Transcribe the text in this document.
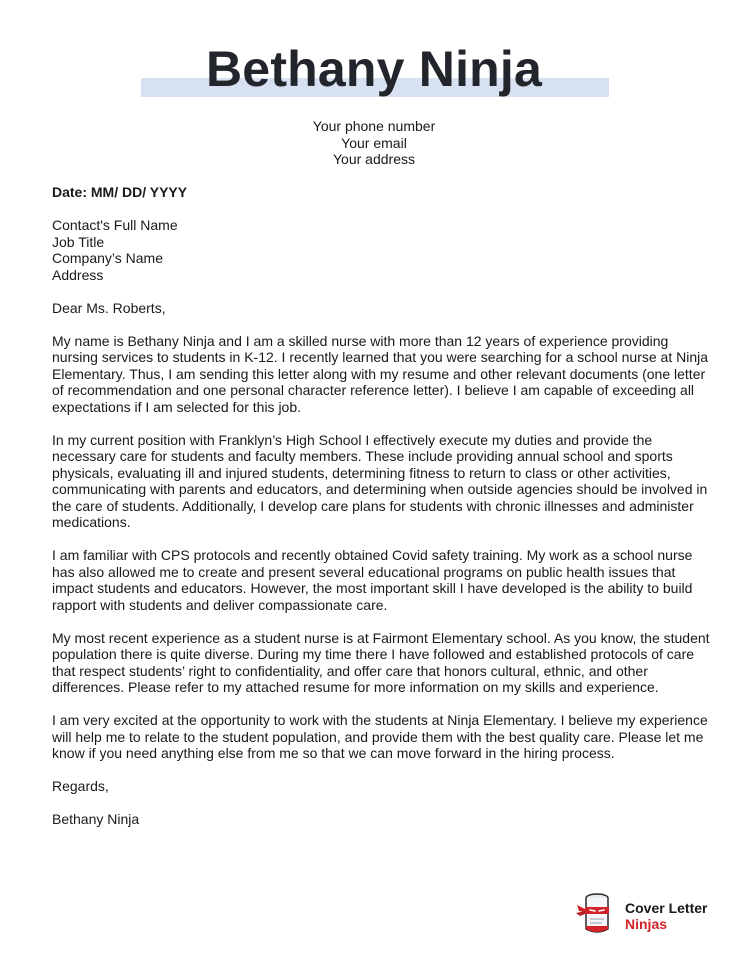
Bethany Ninja
Your phone number
Your email
Your address

Date: MM/ DD/ YYYY

Contact's Full Name
Job Title
Company’s Name
Address

Dear Ms. Roberts,

My name is Bethany Ninja and I am a skilled nurse with more than 12 years of experience providing nursing services to students in K-12. I recently learned that you were searching for a school nurse at Ninja Elementary. Thus, I am sending this letter along with my resume and other relevant documents (one letter of recommendation and one personal character reference letter). I believe I am capable of exceeding all expectations if I am selected for this job.

In my current position with Franklyn’s High School I effectively execute my duties and provide the necessary care for students and faculty members. These include providing annual school and sports physicals, evaluating ill and injured students, determining fitness to return to class or other activities, communicating with parents and educators, and determining when outside agencies should be involved in the care of students. Additionally, I develop care plans for students with chronic illnesses and administer medications.

I am familiar with CPS protocols and recently obtained Covid safety training. My work as a school nurse has also allowed me to create and present several educational programs on public health issues that impact students and educators. However, the most important skill I have developed is the ability to build rapport with students and deliver compassionate care.

My most recent experience as a student nurse is at Fairmont Elementary school. As you know, the student population there is quite diverse. During my time there I have followed and established protocols of care that respect students’ right to confidentiality, and offer care that honors cultural, ethnic, and other differences. Please refer to my attached resume for more information on my skills and experience.

I am very excited at the opportunity to work with the students at Ninja Elementary. I believe my experience will help me to relate to the student population, and provide them with the best quality care. Please let me know if you need anything else from me so that we can move forward in the hiring process.

Regards,

Bethany Ninja

Cover Letter
Ninjas
